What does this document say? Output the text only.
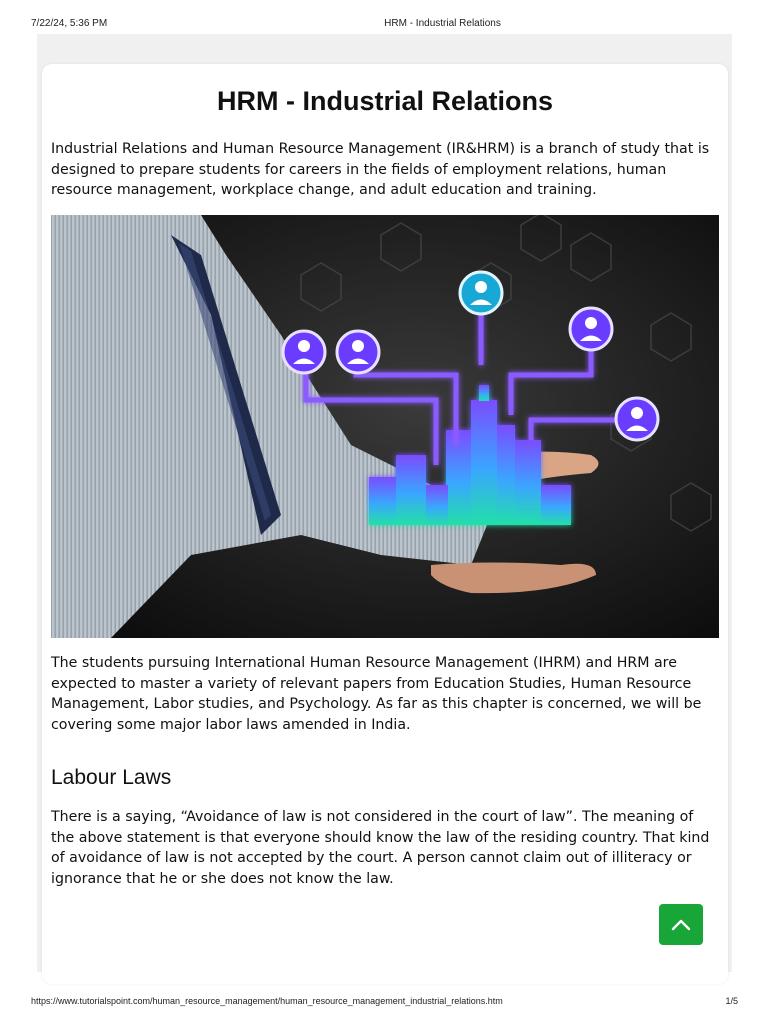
7/22/24, 5:36 PM	HRM - Industrial Relations
HRM - Industrial Relations

Industrial Relations and Human Resource Management (IR&HRM) is a branch of study that is designed to prepare students for careers in the fields of employment relations, human resource management, workplace change, and adult education and training.

The students pursuing International Human Resource Management (IHRM) and HRM are expected to master a variety of relevant papers from Education Studies, Human Resource Management, Labor studies, and Psychology. As far as this chapter is concerned, we will be covering some major labor laws amended in India.

Labour Laws

There is a saying, “Avoidance of law is not considered in the court of law”. The meaning of the above statement is that everyone should know the law of the residing country. That kind of avoidance of law is not accepted by the court. A person cannot claim out of illiteracy or ignorance that he or she does not know the law.

https://www.tutorialspoint.com/human_resource_management/human_resource_management_industrial_relations.htm	1/5
